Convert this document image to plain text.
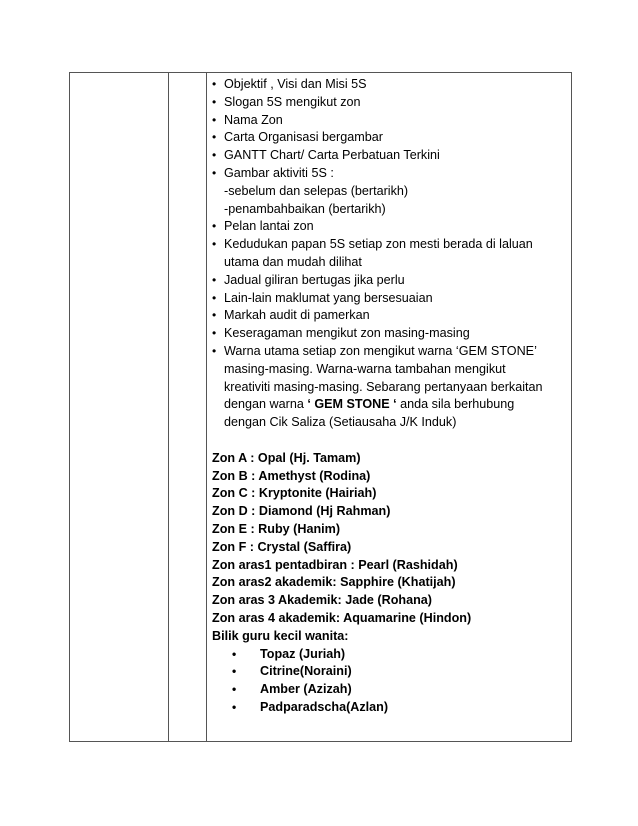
• Objektif , Visi dan Misi 5S
• Slogan 5S mengikut zon
• Nama Zon
• Carta Organisasi bergambar
• GANTT Chart/ Carta Perbatuan Terkini
• Gambar aktiviti 5S :
-sebelum dan selepas (bertarikh)
-penambahbaikan (bertarikh)
• Pelan lantai zon
• Kedudukan papan 5S setiap zon mesti berada di laluan
utama dan mudah dilihat
• Jadual giliran bertugas jika perlu
• Lain-lain maklumat yang bersesuaian
• Markah audit di pamerkan
• Keseragaman mengikut zon masing-masing
• Warna utama setiap zon mengikut warna ‘GEM STONE’
masing-masing. Warna-warna tambahan mengikut
kreativiti masing-masing. Sebarang pertanyaan berkaitan
dengan warna ‘ GEM STONE ‘ anda sila berhubung
dengan Cik Saliza (Setiausaha J/K Induk)
Zon A : Opal (Hj. Tamam)
Zon B : Amethyst (Rodina)
Zon C : Kryptonite (Hairiah)
Zon D : Diamond (Hj Rahman)
Zon E : Ruby (Hanim)
Zon F : Crystal (Saffira)
Zon aras1 pentadbiran : Pearl (Rashidah)
Zon aras2 akademik: Sapphire (Khatijah)
Zon aras 3 Akademik: Jade (Rohana)
Zon aras 4 akademik: Aquamarine (Hindon)
Bilik guru kecil wanita:
•	Topaz (Juriah)
•	Citrine(Noraini)
•	Amber (Azizah)
•	Padparadscha(Azlan)
